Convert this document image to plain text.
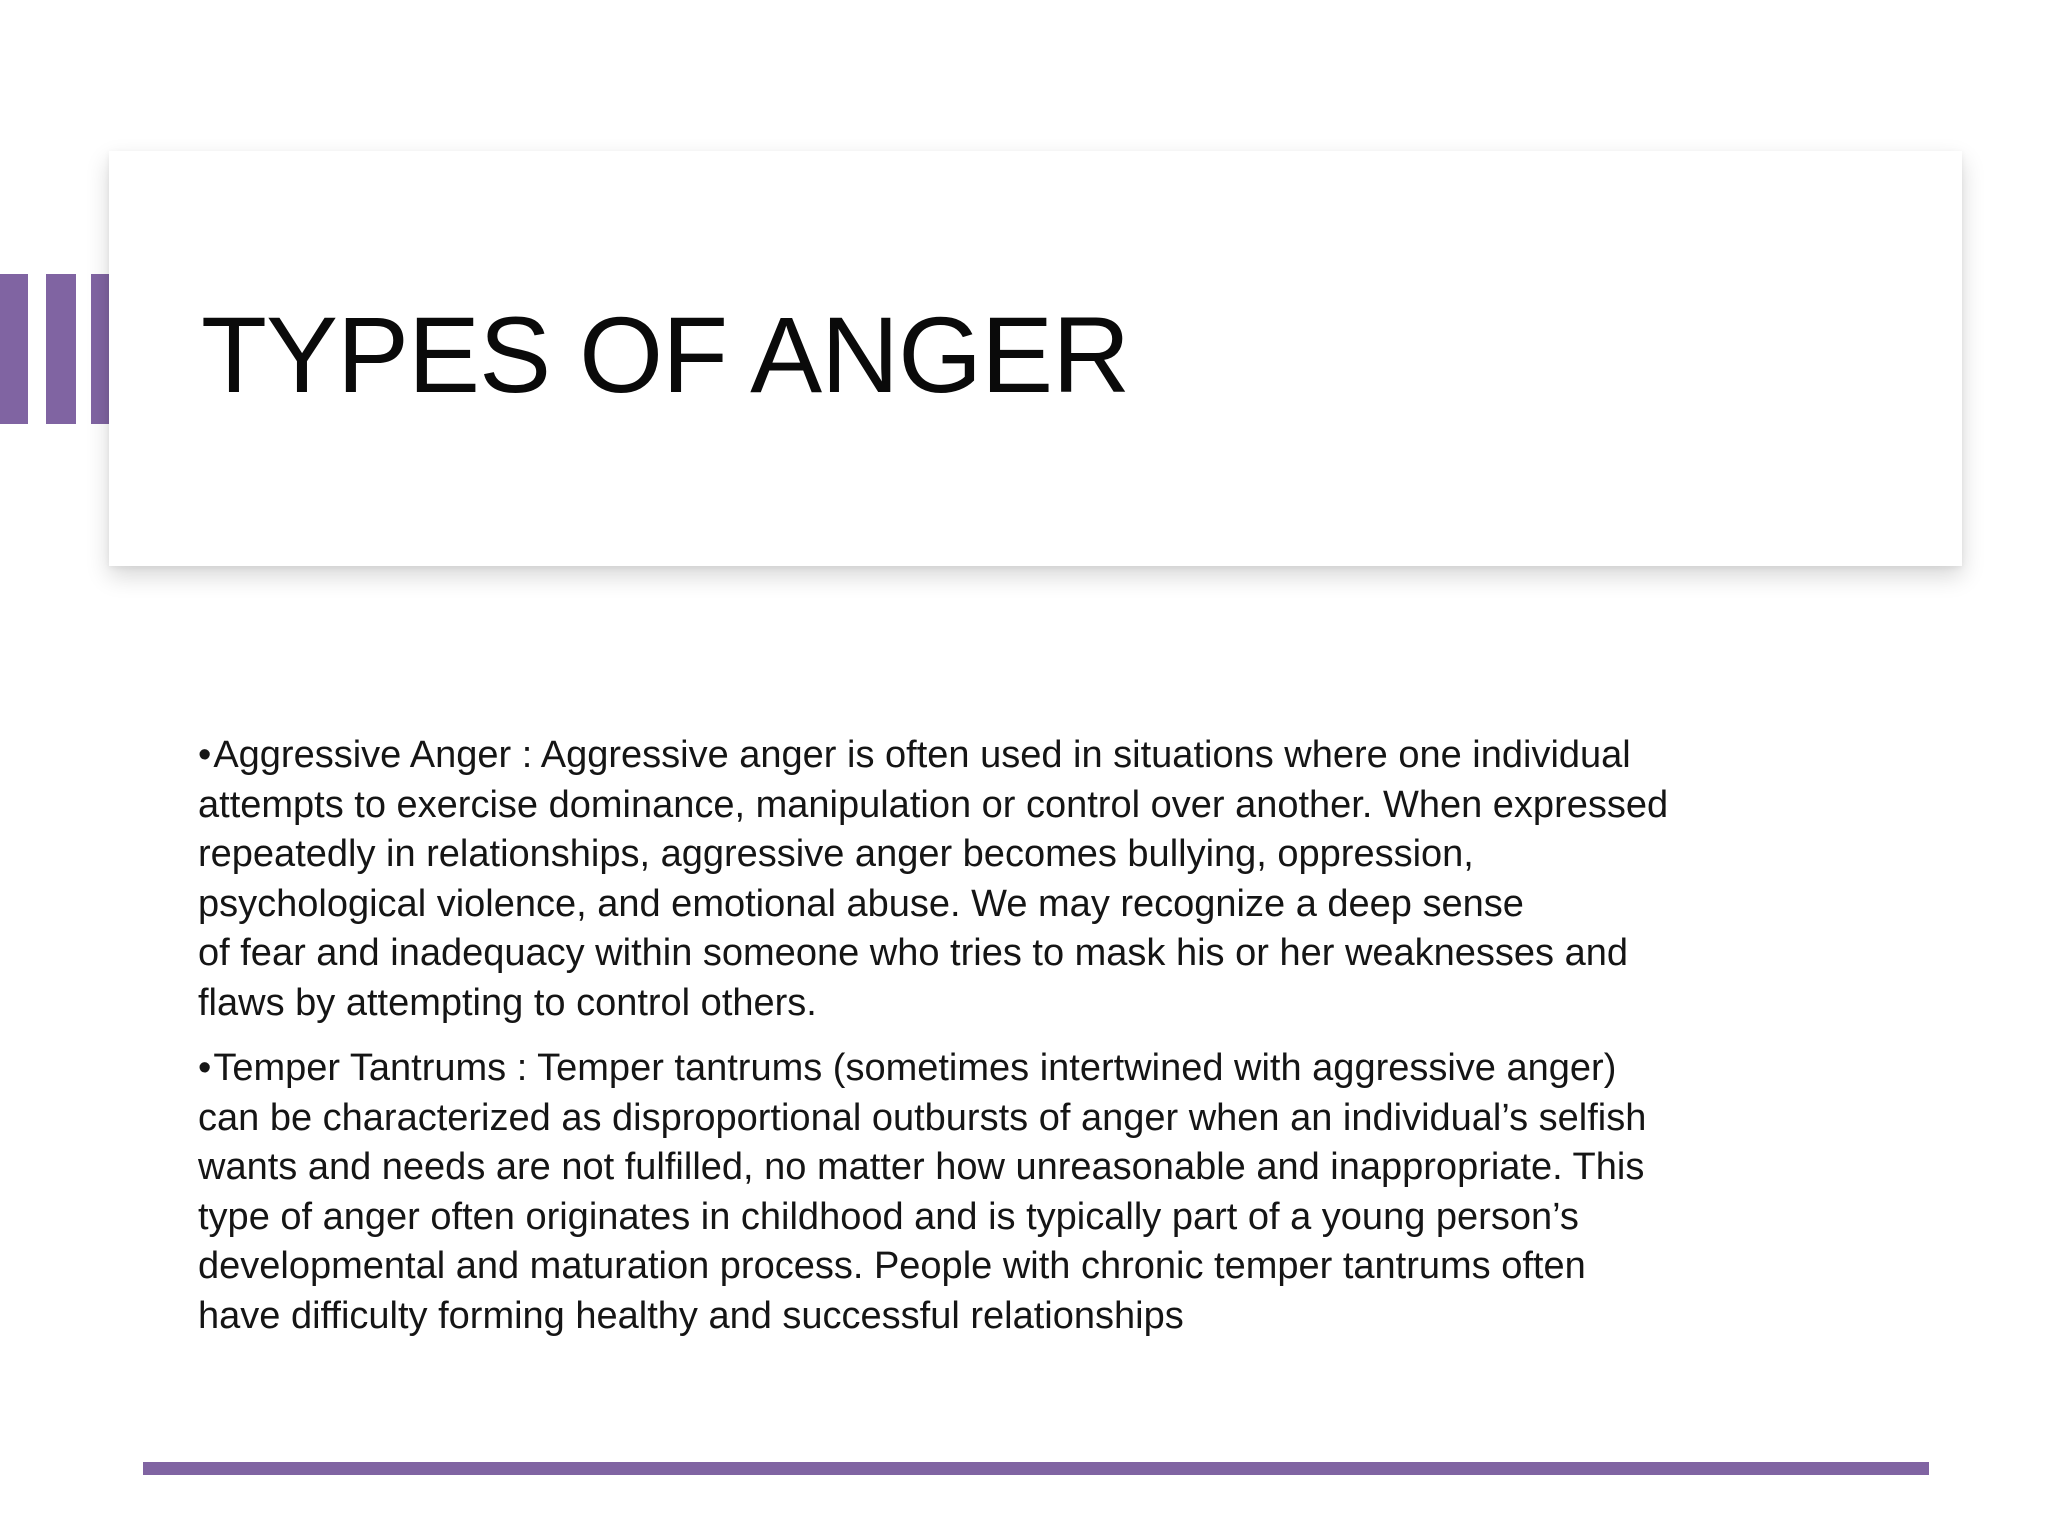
TYPES OF ANGER

•Aggressive Anger : Aggressive anger is often used in situations where one individual
attempts to exercise dominance, manipulation or control over another. When expressed
repeatedly in relationships, aggressive anger becomes bullying, oppression,
psychological violence, and emotional abuse. We may recognize a deep sense
of fear and inadequacy within someone who tries to mask his or her weaknesses and
flaws by attempting to control others.

•Temper Tantrums : Temper tantrums (sometimes intertwined with aggressive anger)
can be characterized as disproportional outbursts of anger when an individual’s selfish
wants and needs are not fulfilled, no matter how unreasonable and inappropriate. This
type of anger often originates in childhood and is typically part of a young person’s
developmental and maturation process. People with chronic temper tantrums often
have difficulty forming healthy and successful relationships
